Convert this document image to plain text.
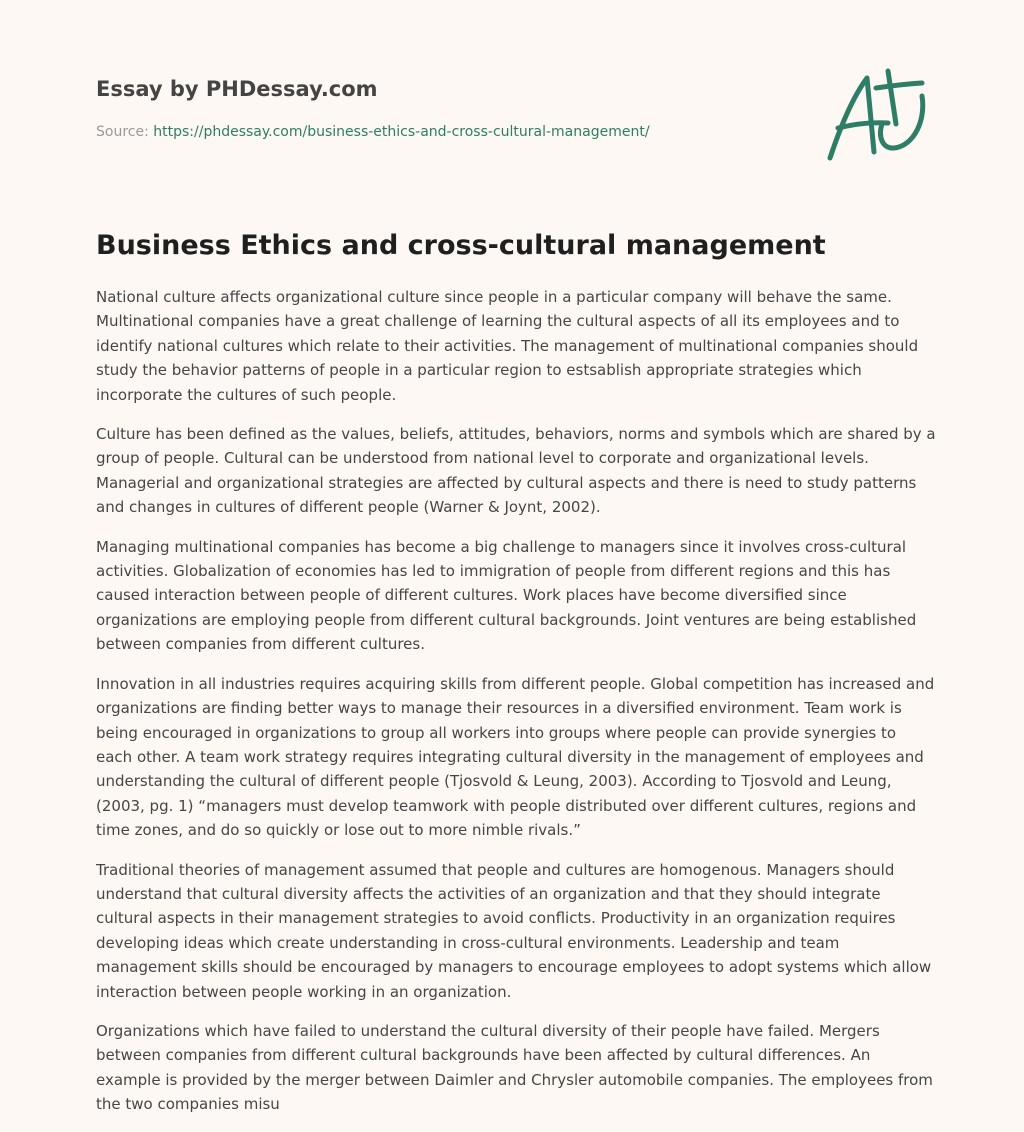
Essay by PHDessay.com
Source: https://phdessay.com/business-ethics-and-cross-cultural-management/
Business Ethics and cross-cultural management

National culture affects organizational culture since people in a particular company will behave the same. Multinational companies have a great challenge of learning the cultural aspects of all its employees and to identify national cultures which relate to their activities. The management of multinational companies should study the behavior patterns of people in a particular region to estsablish appropriate strategies which incorporate the cultures of such people.

Culture has been defined as the values, beliefs, attitudes, behaviors, norms and symbols which are shared by a group of people. Cultural can be understood from national level to corporate and organizational levels. Managerial and organizational strategies are affected by cultural aspects and there is need to study patterns and changes in cultures of different people (Warner & Joynt, 2002).

Managing multinational companies has become a big challenge to managers since it involves cross-cultural activities. Globalization of economies has led to immigration of people from different regions and this has caused interaction between people of different cultures. Work places have become diversified since organizations are employing people from different cultural backgrounds. Joint ventures are being established between companies from different cultures.

Innovation in all industries requires acquiring skills from different people. Global competition has increased and organizations are finding better ways to manage their resources in a diversified environment. Team work is being encouraged in organizations to group all workers into groups where people can provide synergies to each other. A team work strategy requires integrating cultural diversity in the management of employees and understanding the cultural of different people (Tjosvold & Leung, 2003). According to Tjosvold and Leung, (2003, pg. 1) “managers must develop teamwork with people distributed over different cultures, regions and time zones, and do so quickly or lose out to more nimble rivals.”

Traditional theories of management assumed that people and cultures are homogenous. Managers should understand that cultural diversity affects the activities of an organization and that they should integrate cultural aspects in their management strategies to avoid conflicts. Productivity in an organization requires developing ideas which create understanding in cross-cultural environments. Leadership and team management skills should be encouraged by managers to encourage employees to adopt systems which allow interaction between people working in an organization.

Organizations which have failed to understand the cultural diversity of their people have failed. Mergers between companies from different cultural backgrounds have been affected by cultural differences. An example is provided by the merger between Daimler and Chrysler automobile companies. The employees from the two companies misu
